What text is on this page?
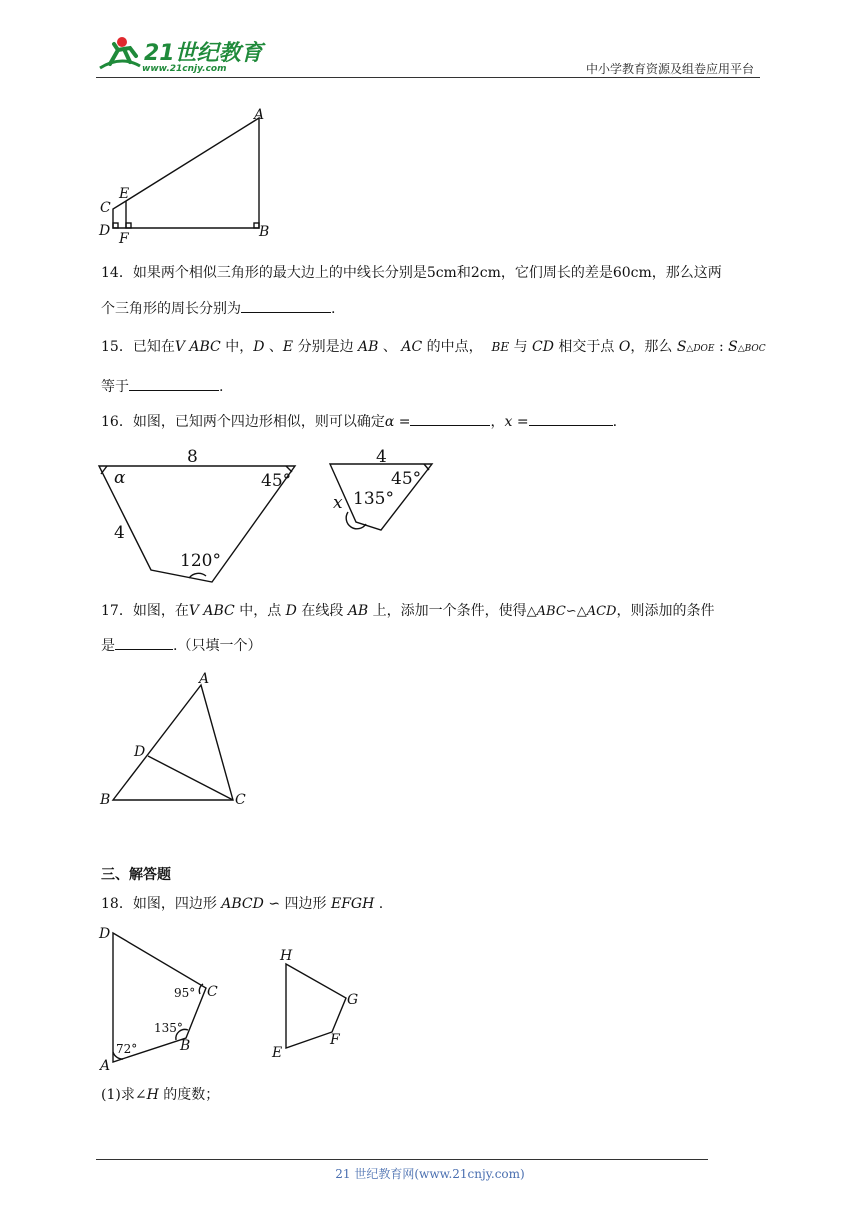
21世纪教育
www.21cnjy.com	中小学教育资源及组卷应用平台
A
B
C
D
E
F
14．如果两个相似三角形的最大边上的中线长分别是5cm和2cm，它们周长的差是60cm，那么这两
个三角形的周长分别为	.
15．已知在V ABC 中，D 、E 分别是边 AB 、 AC 的中点， BE 与 CD 相交于点 O，那么 S△DOE : S△BOC
等于	.
16．如图，已知两个四边形相似，则可以确定α =	，x =	.
8
α	45°
4
120°
4
45°
135°
x
17．如图，在V ABC 中，点 D 在线段 AB 上，添加一个条件，使得△ABC∽△ACD，则添加的条件
是	.（只填一个）
A
B	C
D
三、解答题
18．如图，四边形 ABCD ∽ 四边形 EFGH .
D
C
B
A
95°
135°
72°
H
G
F
E
(1)求∠H 的度数；
21 世纪教育网(www.21cnjy.com)
